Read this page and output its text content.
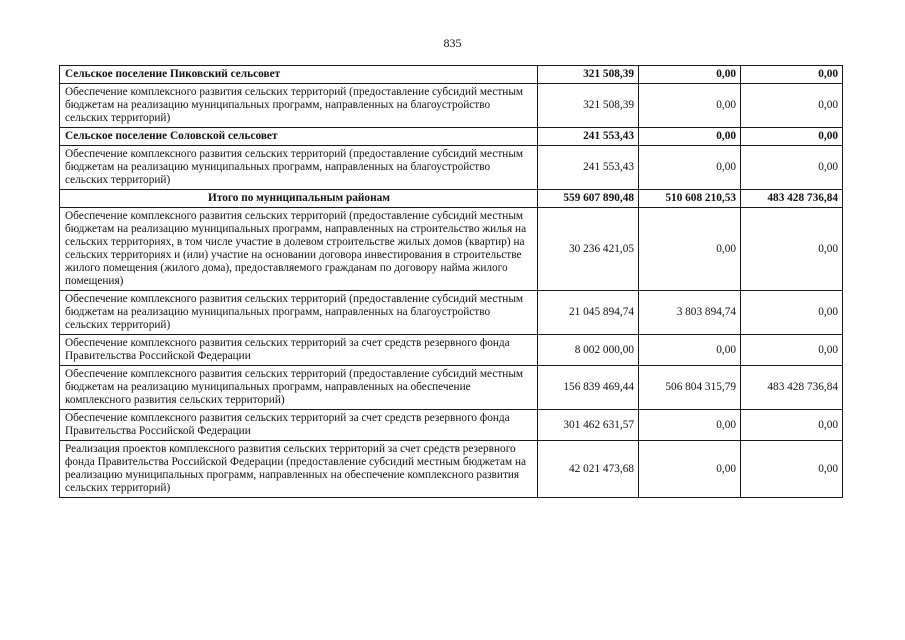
835
Сельское поселение Пиковский сельсовет	321 508,39	0,00	0,00
Обеспечение комплексного развития сельских территорий (предоставление субсидий местным бюджетам на реализацию муниципальных программ, направленных на благоустройство сельских территорий)	321 508,39	0,00	0,00
Сельское поселение Соловской сельсовет	241 553,43	0,00	0,00
Обеспечение комплексного развития сельских территорий (предоставление субсидий местным бюджетам на реализацию муниципальных программ, направленных на благоустройство сельских территорий)	241 553,43	0,00	0,00
Итого по муниципальным районам	559 607 890,48	510 608 210,53	483 428 736,84
Обеспечение комплексного развития сельских территорий (предоставление субсидий местным бюджетам на реализацию муниципальных программ, направленных на строительство жилья на сельских территориях, в том числе участие в долевом строительстве жилых домов (квартир) на сельских территориях и (или) участие на основании договора инвестирования в строительстве жилого помещения (жилого дома), предоставляемого гражданам по договору найма жилого помещения)	30 236 421,05	0,00	0,00
Обеспечение комплексного развития сельских территорий (предоставление субсидий местным бюджетам на реализацию муниципальных программ, направленных на благоустройство сельских территорий)	21 045 894,74	3 803 894,74	0,00
Обеспечение комплексного развития сельских территорий за счет средств резервного фонда Правительства Российской Федерации	8 002 000,00	0,00	0,00
Обеспечение комплексного развития сельских территорий (предоставление субсидий местным бюджетам на реализацию муниципальных программ, направленных на обеспечение комплексного развития сельских территорий)	156 839 469,44	506 804 315,79	483 428 736,84
Обеспечение комплексного развития сельских территорий за счет средств резервного фонда Правительства Российской Федерации	301 462 631,57	0,00	0,00
Реализация проектов комплексного развития сельских территорий за счет средств резервного фонда Правительства Российской Федерации (предоставление субсидий местным бюджетам на реализацию муниципальных программ, направленных на обеспечение комплексного развития сельских территорий)	42 021 473,68	0,00	0,00
